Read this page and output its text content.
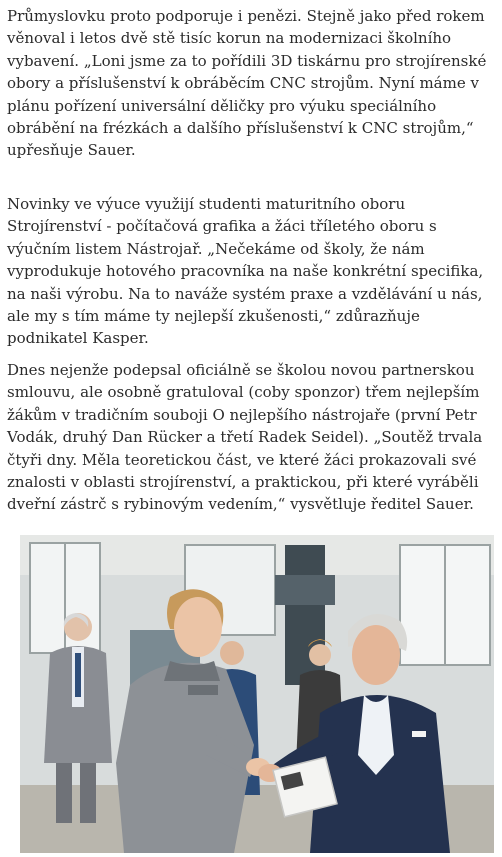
Průmyslovku proto podporuje i penězi. Stejně jako před rokem věnoval i letos dvě stě tisíc korun na modernizaci školního vybavení. „Loni jsme za to pořídili 3D tiskárnu pro strojírenské obory a příslušenství k obráběcím CNC strojům. Nyní máme v plánu pořízení universální děličky pro výuku speciálního obrábění na frézkách a dalšího příslušenství k CNC strojům,“ upřesňuje Sauer.

Novinky ve výuce využijí studenti maturitního oboru Strojírenství - počítačová grafika a žáci tříletého oboru s výučním listem Nástrojař. „Nečekáme od školy, že nám vyprodukuje hotového pracovníka na naše konkrétní specifika, na naši výrobu. Na to naváže systém praxe a vzdělávání u nás, ale my s tím máme ty nejlepší zkušenosti,“ zdůrazňuje podnikatel Kasper.

Dnes nejenže podepsal oficiálně se školou novou partnerskou smlouvu, ale osobně gratuloval (coby sponzor) třem nejlepším žákům v tradičním souboji O nejlepšího nástrojaře (první Petr Vodák, druhý Dan Rücker a třetí Radek Seidel). „Soutěž trvala čtyři dny. Měla teoretickou část, ve které žáci prokazovali své znalosti v oblasti strojírenství, a praktickou, při které vyráběli dveřní zástrč s rybinovým vedením,“ vysvětluje ředitel Sauer.
